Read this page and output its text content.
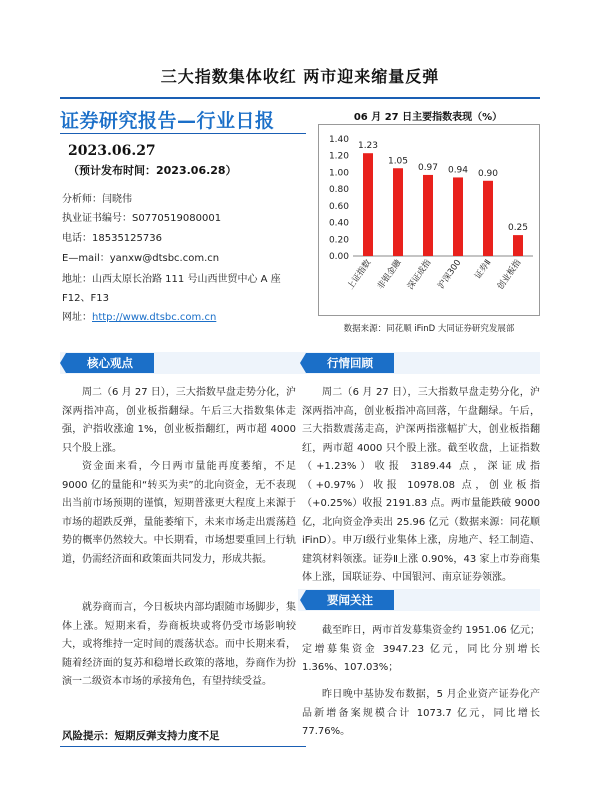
三大指数集体收红 两市迎来缩量反弹
证券研究报告—行业日报
2023.06.27
（预计发布时间：2023.06.28）
分析师：闫晓伟
执业证书编号：S0770519080001
电话：18535125736
E—mail：yanxw@dtsbc.com.cn
地址：山西太原长治路 111 号山西世贸中心 A 座
F12、F13
网址：http://www.dtsbc.com.cn
06 月 27 日主要指数表现（%）
0.00
0.20
0.40
0.60
0.80
1.00
1.20
1.40
1.23
上证指数
1.05
非银金融
0.97
深证成指
0.94
沪深300
0.90
证券Ⅱ
0.25
创业板指
数据来源：同花顺 iFinD 大同证券研究发展部
核心观点	行情回顾
周二（6 月 27 日），三大指数早盘走势分化，沪深两指冲高，创业板指翻绿。午后三大指数集体走强，沪指收涨逾 1%，创业板指翻红，两市超 4000 只个股上涨。
资金面来看，今日两市量能再度萎缩，不足 9000 亿的量能和“转买为卖”的北向资金，无不表现出当前市场预期的谨慎，短期普涨更大程度上来源于市场的超跌反弹，量能萎缩下，未来市场走出震荡趋势的概率仍然较大。中长期看，市场想要重回上行轨道，仍需经济面和政策面共同发力，形成共振。
就券商而言，今日板块内部均跟随市场脚步，集体上涨。短期来看，券商板块或将仍受市场影响较大，或将维持一定时间的震荡状态。而中长期来看，随着经济面的复苏和稳增长政策的落地，券商作为扮演一二级资本市场的承接角色，有望持续受益。
风险提示：短期反弹支持力度不足
周二（6 月 27 日），三大指数早盘走势分化，沪深两指冲高，创业板指冲高回落，午盘翻绿。午后，三大指数震荡走高，沪深两指涨幅扩大，创业板指翻红，两市超 4000 只个股上涨。截至收盘，上证指数（+1.23%）收报 3189.44 点，深证成指（+0.97%）收报 10978.08 点，创业板指（+0.25%）收报 2191.83 点。两市量能跌破 9000 亿，北向资金净卖出 25.96 亿元（数据来源：同花顺 iFinD）。申万Ⅰ级行业集体上涨，房地产、轻工制造、建筑材料领涨。证券Ⅱ上涨 0.90%，43 家上市券商集体上涨，国联证券、中国银河、南京证券领涨。
要闻关注
截至昨日，两市首发募集资金约 1951.06 亿元；定增募集资金 3947.23 亿元，同比分别增长 1.36%、107.03%；
昨日晚中基协发布数据，5 月企业资产证券化产品新增备案规模合计 1073.7 亿元，同比增长 77.76%。
